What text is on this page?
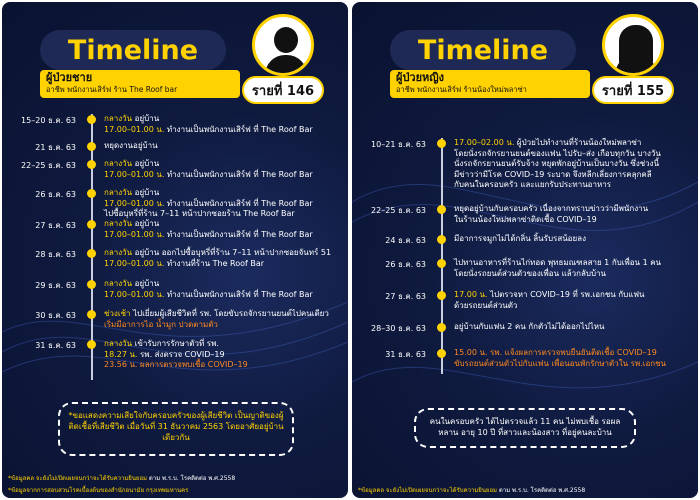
Timeline
ผู้ป่วยชาย
อาชีพ พนักงานเสิร์ฟ ร้าน The Roof bar	รายที่ 146
15–20 ธ.ค. 63	กลางวัน อยู่บ้าน
17.00–01.00 น. ทำงานเป็นพนักงานเสิร์ฟ ที่ The Roof Bar
21 ธ.ค. 63	หยุดงานอยู่บ้าน
22–25 ธ.ค. 63	กลางวัน อยู่บ้าน
17.00–01.00 น. ทำงานเป็นพนักงานเสิร์ฟ ที่ The Roof Bar
26 ธ.ค. 63	กลางวัน อยู่บ้าน
17.00–01.00 น. ทำงานเป็นพนักงานเสิร์ฟ ที่ The Roof Bar
ไปซื้อบุหรี่ที่ร้าน 7–11 หน้าปากซอยร้าน The Roof Bar
27 ธ.ค. 63	กลางวัน อยู่บ้าน
17.00–01.00 น. ทำงานเป็นพนักงานเสิร์ฟ ที่ The Roof Bar
28 ธ.ค. 63	กลางวัน อยู่บ้าน ออกไปซื้อบุหรี่ที่ร้าน 7–11 หน้าปากซอยจันทร์ 51
17.00–01.00 น. ทำงานที่ร้าน The Roof Bar
29 ธ.ค. 63	กลางวัน อยู่บ้าน
17.00–01.00 น. ทำงานเป็นพนักงานเสิร์ฟ ที่ The Roof Bar
30 ธ.ค. 63	ช่วงเช้า ไปเยี่ยมผู้เสียชีวิตที่ รพ. โดยขับรถจักรยานยนต์ไปคนเดียว
เริ่มมีอาการไอ น้ำมูก ปวดตามตัว
31 ธ.ค. 63	กลางวัน เข้ารับการรักษาตัวที่ รพ.
18.27 น. รพ. ส่งตรวจ COVID–19
23.56 น. ผลการตรวจพบเชื้อ COVID–19
*ขอแสดงความเสียใจกับครอบครัวของผู้เสียชีวิต เป็นญาติของผู้ติดเชื้อที่เสียชีวิต เมื่อวันที่ 31 ธันวาคม 2563 โดยอาศัยอยู่บ้านเดียวกัน
*ข้อมูลคล จะยังไม่เปิดเผยจนกว่าจะได้รับความยินยอม ตาม พ.ร.บ. โรคติดต่อ พ.ศ.2558
*ข้อมูลจากการสอบสวนโรคเบื้องต้นของสำนักอนามัย กรุงเทพมหานคร
Timeline
ผู้ป่วยหญิง
อาชีพ พนักงานเสิร์ฟ ร้านน้องใหม่พลาซ่า	รายที่ 155
10–21 ธ.ค. 63	17.00–02.00 น. ผู้ป่วยไปทำงานที่ร้านน้องใหม่พลาซ่า
โดยนั่งรถจักรยานยนต์ของแฟน ไปรับ–ส่ง เกือบทุกวัน บางวัน
นั่งรถจักรยานยนต์รับจ้าง หยุดพักอยู่บ้านเป็นบางวัน ซึ่งช่วงนี้
มีข่าวว่ามีโรค COVID–19 ระบาด จึงหลีกเลี่ยงการคลุกคลี
กับคนในครอบครัว และแยกรับประทานอาหาร
22–25 ธ.ค. 63	หยุดอยู่บ้านกับครอบครัว เนื่องจากทราบข่าวว่ามีพนักงาน
ในร้านน้องใหม่พลาซ่าติดเชื้อ COVID–19
24 ธ.ค. 63	มีอาการจมูกไม่ได้กลิ่น ลิ้นรับรสน้อยลง
26 ธ.ค. 63	ไปทานอาหารที่ร้านไก่ทอด พุทธมณฑลสาย 1 กับเพื่อน 1 คน
โดยนั่งรถยนต์ส่วนตัวของเพื่อน แล้วกลับบ้าน
27 ธ.ค. 63	17.00 น. ไปตรวจหา COVID–19 ที่ รพ.เอกชน กับแฟน
ด้วยรถยนต์ส่วนตัว
28–30 ธ.ค. 63	อยู่บ้านกับแฟน 2 คน กักตัวไม่ได้ออกไปไหน
31 ธ.ค. 63	15.00 น. รพ. แจ้งผลการตรวจพบยืนยันติดเชื้อ COVID–19
ขับรถยนต์ส่วนตัวไปกับแฟน เพื่อนอนพักรักษาตัวใน รพ.เอกชน
คนในครอบครัว ได้ไปตรวจแล้ว 11 คน ไม่พบเชื้อ รอผลหลาน อายุ 10 ปี ที่สาวและน้องสาว ที่อยู่คนละบ้าน
*ข้อมูลคล จะยังไม่เปิดเผยจนกว่าจะได้รับความยินยอม ตาม พ.ร.บ. โรคติดต่อ พ.ศ.2558
